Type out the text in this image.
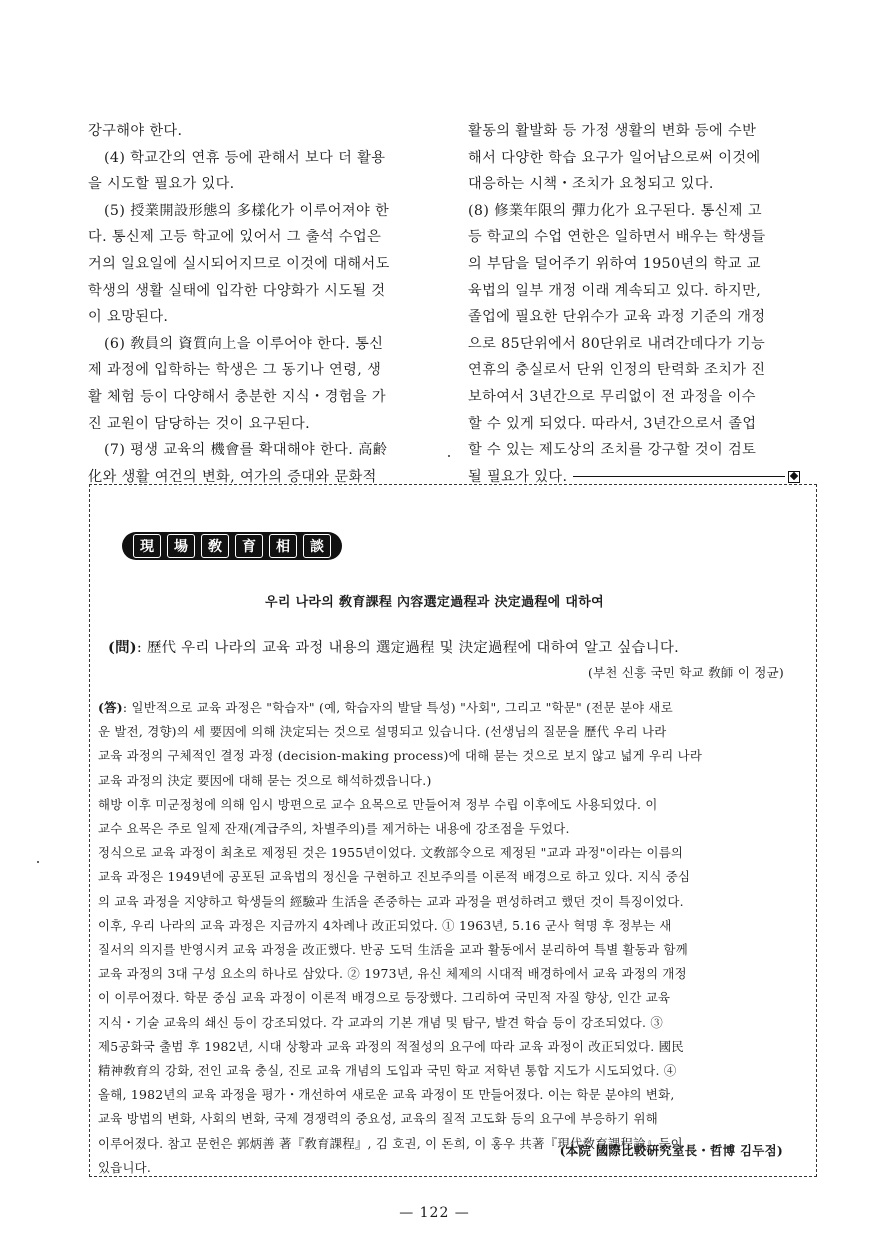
강구해야 한다.
(4) 학교간의 연휴 등에 관해서 보다 더 활용
을 시도할 필요가 있다.
(5) 授業開設形態의 多樣化가 이루어져야 한
다. 통신제 고등 학교에 있어서 그 출석 수업은
거의 일요일에 실시되어지므로 이것에 대해서도
학생의 생활 실태에 입각한 다양화가 시도될 것
이 요망된다.
(6) 敎員의 資質向上을 이루어야 한다. 통신
제 과정에 입학하는 학생은 그 동기나 연령, 생
활 체험 등이 다양해서 충분한 지식・경험을 가
진 교원이 담당하는 것이 요구된다.
(7) 평생 교육의 機會를 확대해야 한다. 高齢
化와 생활 여건의 변화, 여가의 증대와 문화적
활동의 활발화 등 가정 생활의 변화 등에 수반
해서 다양한 학습 요구가 일어남으로써 이것에
대응하는 시책・조치가 요청되고 있다.
(8) 修業年限의 彈力化가 요구된다. 통신제 고
등 학교의 수업 연한은 일하면서 배우는 학생들
의 부담을 덜어주기 위하여 1950년의 학교 교
육법의 일부 개정 이래 계속되고 있다. 하지만,
졸업에 필요한 단위수가 교육 과정 기준의 개정
으로 85단위에서 80단위로 내려간데다가 기능
연휴의 충실로서 단위 인정의 탄력화 조치가 진
보하여서 3년간으로 무리없이 전 과정을 이수
할 수 있게 되었다. 따라서, 3년간으로서 졸업
할 수 있는 제도상의 조치를 강구할 것이 검토
될 필요가 있다.
現	場	敎	育	相	談
우리 나라의 敎育課程 內容選定過程과 決定過程에 대하여
(問): 歷代 우리 나라의 교육 과정 내용의 選定過程 및 決定過程에 대하여 알고 싶습니다.
(부천 신흥 국민 학교 敎師 이 정균)
(答): 일반적으로 교육 과정은 "학습자" (예, 학습자의 발달 특성) "사회", 그리고 "학문" (전문 분야 새로
운 발전, 경향)의 세 要因에 의해 決定되는 것으로 설명되고 있습니다. (선생님의 질문을 歷代 우리 나라
교육 과정의 구체적인 결정 과정 (decision-making process)에 대해 묻는 것으로 보지 않고 넓게 우리 나라
교육 과정의 決定 要因에 대해 묻는 것으로 해석하겠읍니다.)
해방 이후 미군정청에 의해 임시 방편으로 교수 요목으로 만들어져 정부 수립 이후에도 사용되었다. 이
교수 요목은 주로 일제 잔재(계급주의, 차별주의)를 제거하는 내용에 강조점을 두었다.
정식으로 교육 과정이 최초로 제정된 것은 1955년이었다. 文敎部令으로 제정된 "교과 과정"이라는 이름의
교육 과정은 1949년에 공포된 교육법의 정신을 구현하고 진보주의를 이론적 배경으로 하고 있다. 지식 중심
의 교육 과정을 지양하고 학생들의 經驗과 生活을 존중하는 교과 과정을 편성하려고 했던 것이 특징이었다.
이후, 우리 나라의 교육 과정은 지금까지 4차례나 改正되었다. ① 1963년, 5.16 군사 혁명 후 정부는 새
질서의 의지를 반영시켜 교육 과정을 改正했다. 반공 도덕 生活을 교과 활동에서 분리하여 특별 활동과 함께
교육 과정의 3대 구성 요소의 하나로 삼았다. ② 1973년, 유신 체제의 시대적 배경하에서 교육 과정의 개정
이 이루어졌다. 학문 중심 교육 과정이 이론적 배경으로 등장했다. 그리하여 국민적 자질 향상, 인간 교육
지식・기술 교육의 쇄신 등이 강조되었다. 각 교과의 기본 개념 및 탐구, 발견 학습 등이 강조되었다. ③
제5공화국 출범 후 1982년, 시대 상황과 교육 과정의 적절성의 요구에 따라 교육 과정이 改正되었다. 國民
精神敎育의 강화, 전인 교육 충실, 진로 교육 개념의 도입과 국민 학교 저학년 통합 지도가 시도되었다. ④
올해, 1982년의 교육 과정을 평가・개선하여 새로운 교육 과정이 또 만들어졌다. 이는 학문 분야의 변화,
교육 방법의 변화, 사회의 변화, 국제 경쟁력의 중요성, 교육의 질적 고도화 등의 요구에 부응하기 위해
이루어졌다. 참고 문헌은 郭炳善 著『敎育課程』, 김 호권, 이 돈희, 이 홍우 共著『現代敎育課程論』등이
있읍니다.
(本院 國際比較硏究室長・哲博 김두점)
— 122 —
